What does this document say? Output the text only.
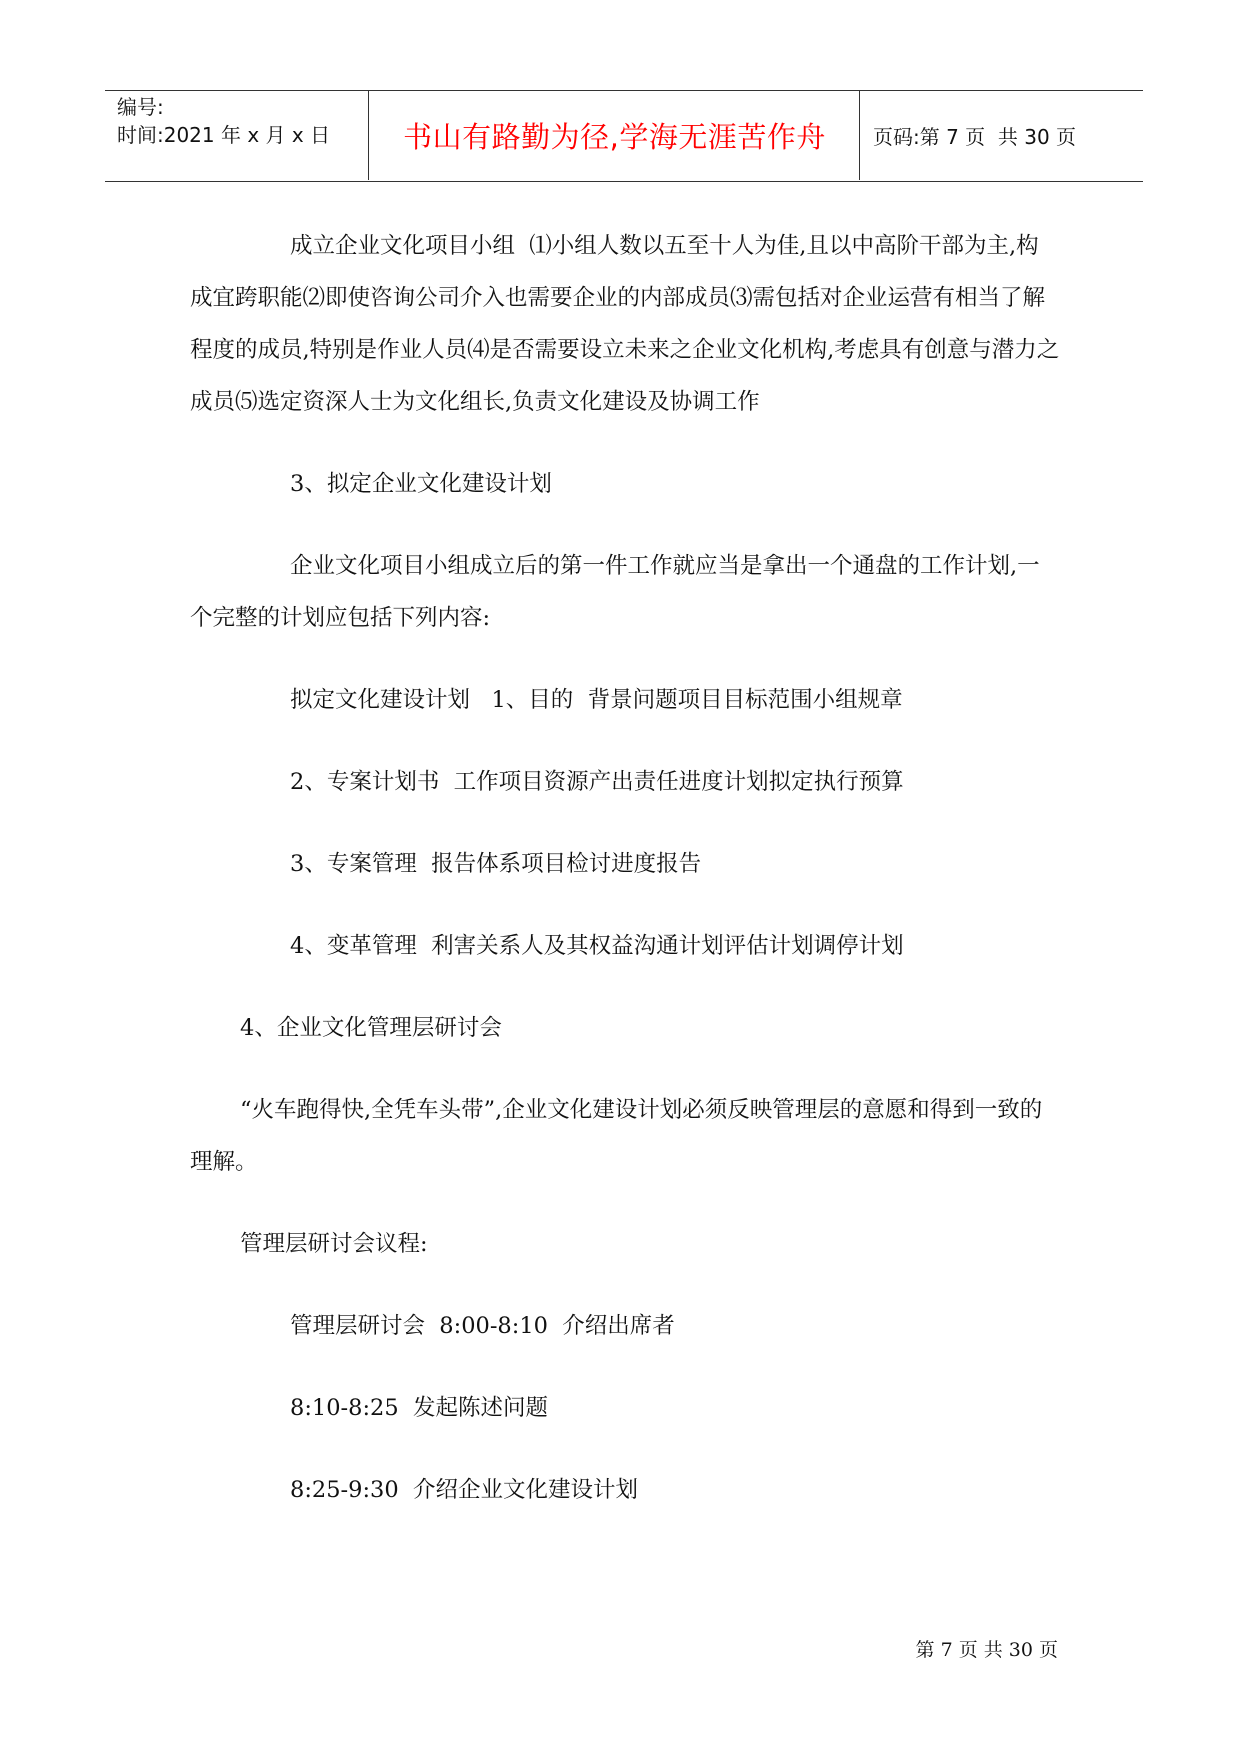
编号:
时间:2021 年 x 月 x 日	书山有路勤为径,学海无涯苦作舟	页码:第 7 页  共 30 页

成立企业文化项目小组  ⑴小组人数以五至十人为佳,且以中高阶干部为主,构成宜跨职能⑵即使咨询公司介入也需要企业的内部成员⑶需包括对企业运营有相当了解程度的成员,特别是作业人员⑷是否需要设立未来之企业文化机构,考虑具有创意与潜力之成员⑸选定资深人士为文化组长,负责文化建设及协调工作

3、拟定企业文化建设计划

企业文化项目小组成立后的第一件工作就应当是拿出一个通盘的工作计划,一个完整的计划应包括下列内容:

拟定文化建设计划   1、目的  背景问题项目目标范围小组规章

2、专案计划书  工作项目资源产出责任进度计划拟定执行预算

3、专案管理  报告体系项目检讨进度报告

4、变革管理  利害关系人及其权益沟通计划评估计划调停计划

4、企业文化管理层研讨会

“火车跑得快,全凭车头带”,企业文化建设计划必须反映管理层的意愿和得到一致的理解。

管理层研讨会议程:

管理层研讨会  8:00-8:10  介绍出席者

8:10-8:25  发起陈述问题

8:25-9:30  介绍企业文化建设计划

第 7 页 共 30 页
